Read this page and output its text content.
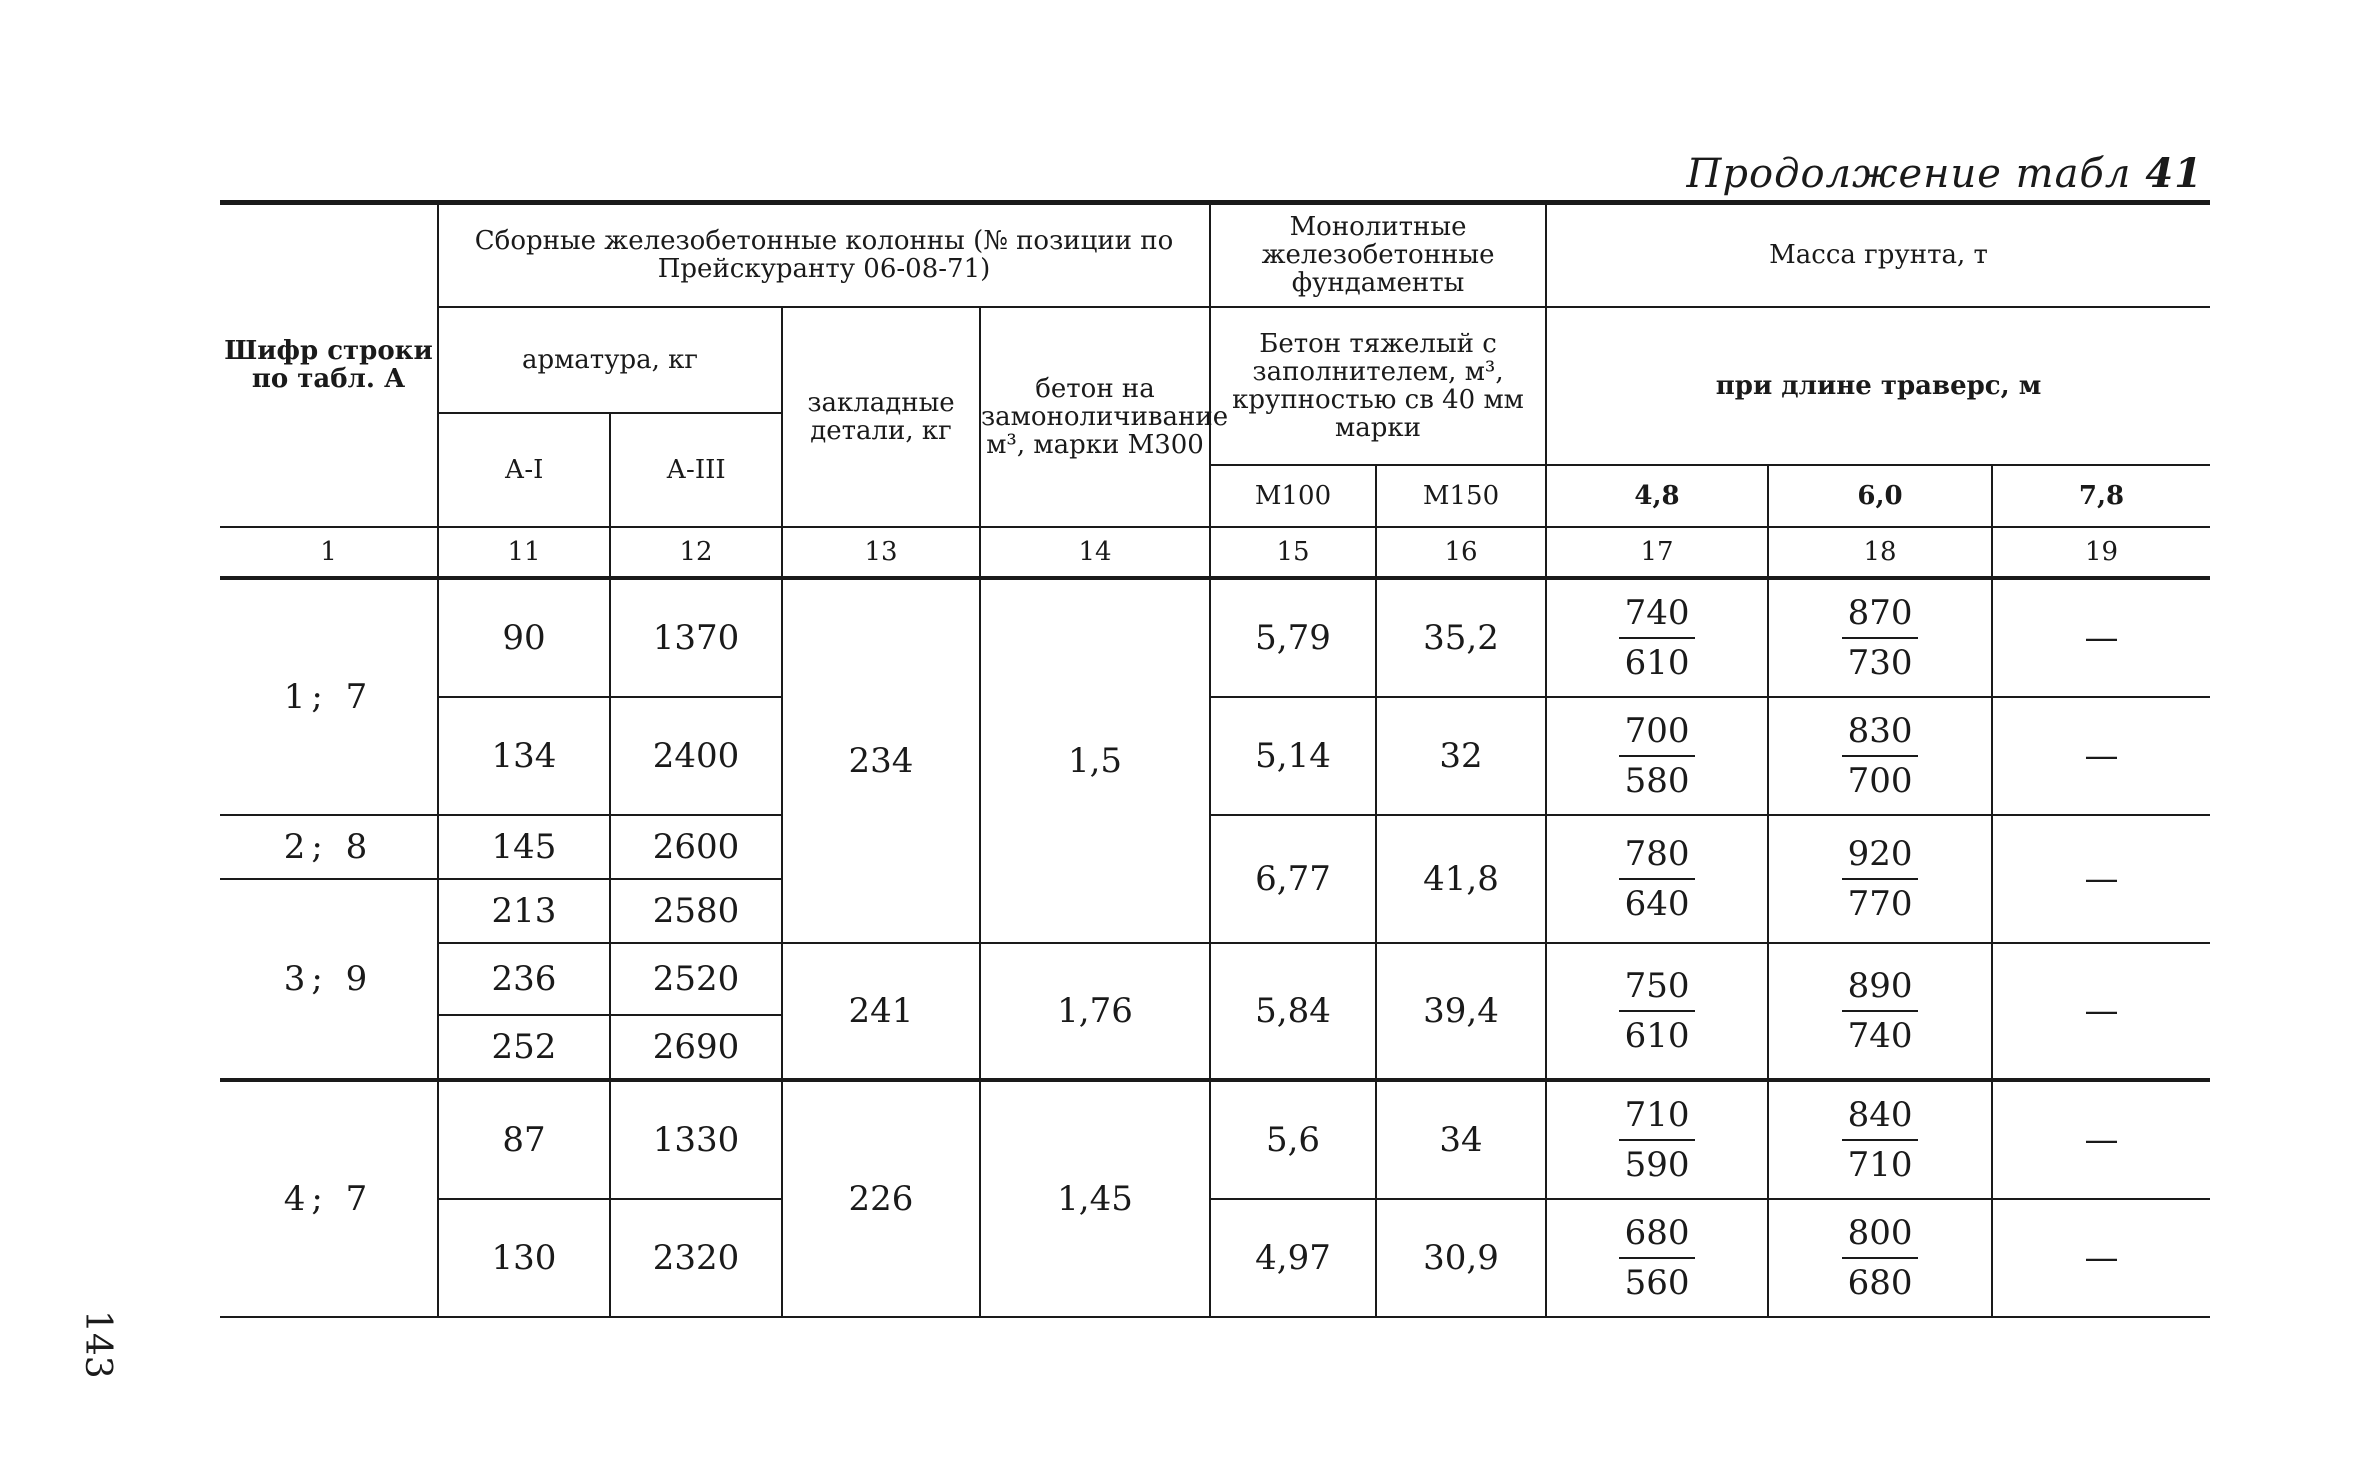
Продолжение табл 41
143
Шифр строки по табл. А	Сборные железобетонные колонны (№ позиции по Прейскуранту 06-08-71)				Монолитные железобетонные фундаменты		Масса грунта, т		
	арматура, кг		закладные детали, кг	бетон на замоноличивание м³, марки М300	Бетон тяжелый с заполнителем, м³, крупностью св 40 мм марки		при длине траверс, м		
	А-I	А-III							
					М100	М150	4,8	6,0	7,8
1	11	12	13	14	15	16	17	18	19
1; 7	90	1370	234	1,5	5,79	35,2	$\frac{740}{610}$	$\frac{870}{730}$	—
	134	2400			5,14	32	$\frac{700}{580}$	$\frac{830}{700}$	—
2; 8	145	2600			6,77	41,8	$\frac{780}{640}$	$\frac{920}{770}$	—
3; 9	213	2580							
	236	2520	241	1,76	5,84	39,4	$\frac{750}{610}$	$\frac{890}{740}$	—
	252	2690							
4; 7	87	1330	226	1,45	5,6	34	$\frac{710}{590}$	$\frac{840}{710}$	—
	130	2320			4,97	30,9	$\frac{680}{560}$	$\frac{800}{680}$	—
